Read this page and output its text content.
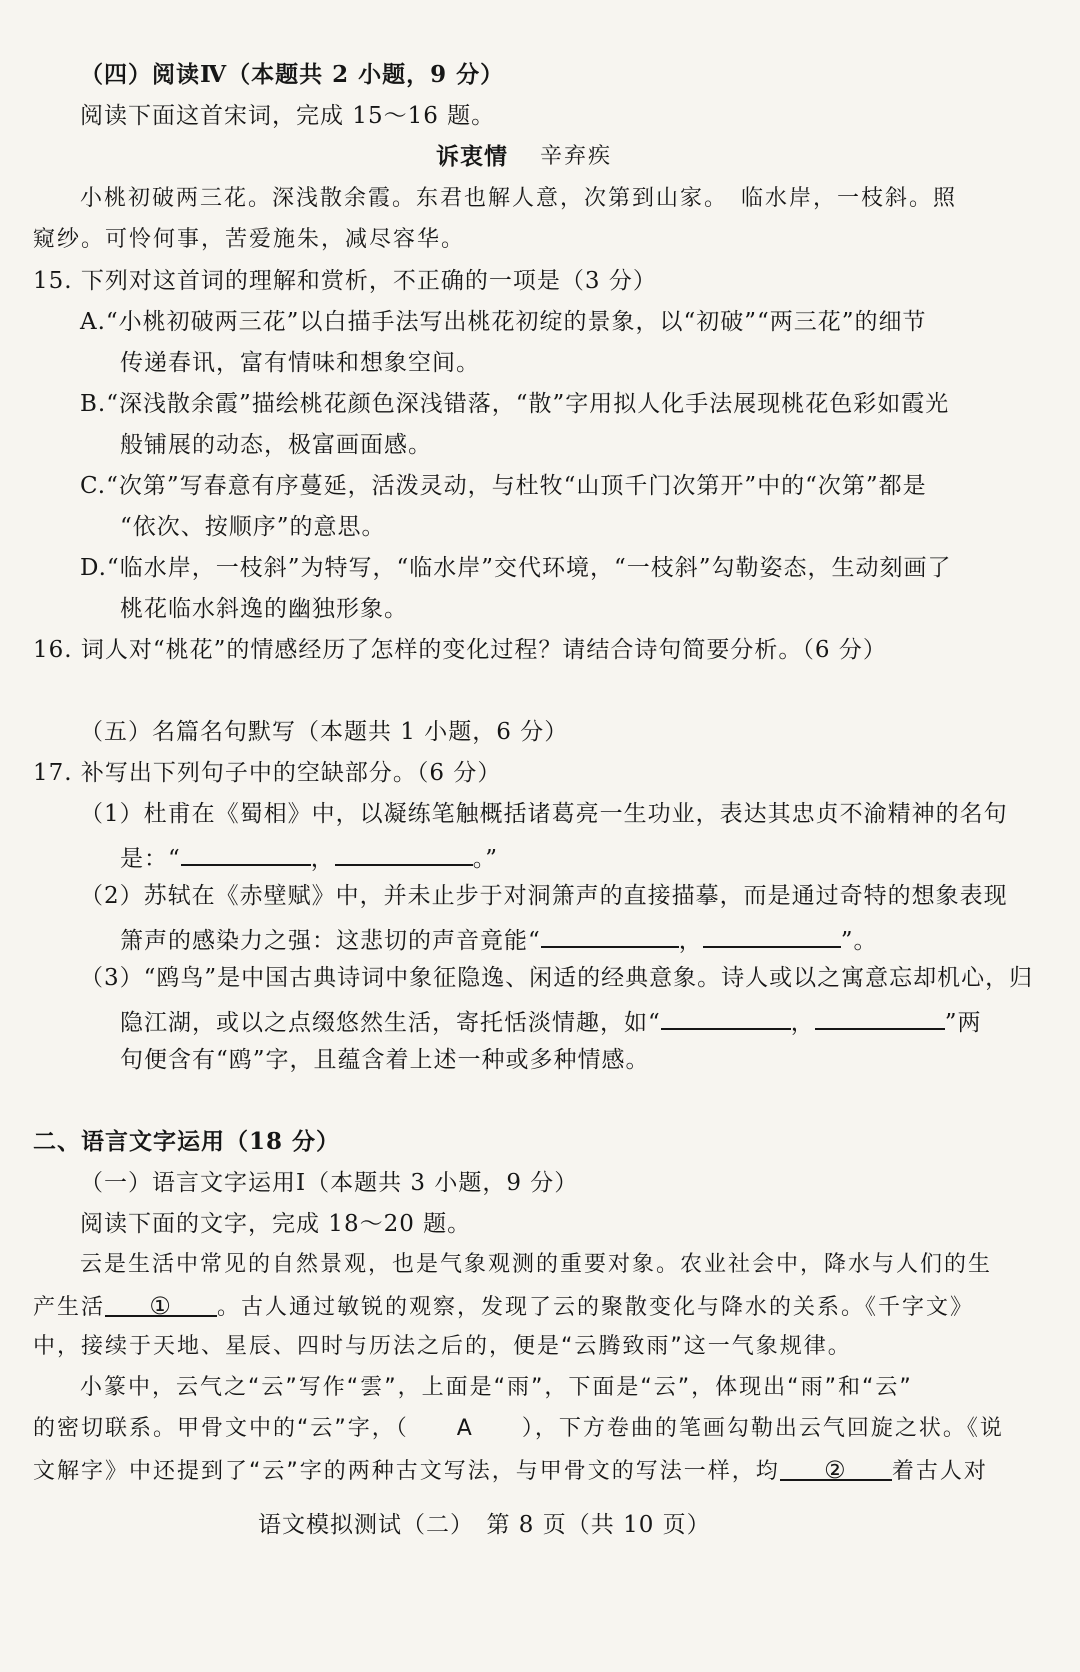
（四）阅读Ⅳ（本题共 2 小题，9 分）
阅读下面这首宋词，完成 15～16 题。
诉衷情 辛弃疾
小桃初破两三花。深浅散余霞。东君也解人意，次第到山家。　临水岸，一枝斜。照
窥纱。可怜何事，苦爱施朱，减尽容华。
15. 下列对这首词的理解和赏析，不正确的一项是（3 分）
A.“小桃初破两三花”以白描手法写出桃花初绽的景象，以“初破”“两三花”的细节
传递春讯，富有情味和想象空间。
B.“深浅散余霞”描绘桃花颜色深浅错落，“散”字用拟人化手法展现桃花色彩如霞光
般铺展的动态，极富画面感。
C.“次第”写春意有序蔓延，活泼灵动，与杜牧“山顶千门次第开”中的“次第”都是
“依次、按顺序”的意思。
D.“临水岸，一枝斜”为特写，“临水岸”交代环境，“一枝斜”勾勒姿态，生动刻画了
桃花临水斜逸的幽独形象。
16. 词人对“桃花”的情感经历了怎样的变化过程？请结合诗句简要分析。（6 分）
（五）名篇名句默写（本题共 1 小题，6 分）
17. 补写出下列句子中的空缺部分。（6 分）
（1）杜甫在《蜀相》中，以凝练笔触概括诸葛亮一生功业，表达其忠贞不渝精神的名句
是：“	，	。”
（2）苏轼在《赤壁赋》中，并未止步于对洞箫声的直接描摹，而是通过奇特的想象表现
箫声的感染力之强：这悲切的声音竟能“	，	”。
（3）“鸥鸟”是中国古典诗词中象征隐逸、闲适的经典意象。诗人或以之寓意忘却机心，归
隐江湖，或以之点缀悠然生活，寄托恬淡情趣，如“	，	”两
句便含有“鸥”字，且蕴含着上述一种或多种情感。
二、语言文字运用（18 分）
（一）语言文字运用Ⅰ（本题共 3 小题，9 分）
阅读下面的文字，完成 18～20 题。
云是生活中常见的自然景观，也是气象观测的重要对象。农业社会中，降水与人们的生
产生活 ① 。古人通过敏锐的观察，发现了云的聚散变化与降水的关系。《千字文》
中，接续于天地、星辰、四时与历法之后的，便是“云腾致雨”这一气象规律。
小篆中，云气之“云”写作“雲”，上面是“雨”，下面是“云”，体现出“雨”和“云”
的密切联系。甲骨文中的“云”字，（　　A　　），下方卷曲的笔画勾勒出云气回旋之状。《说
文解字》中还提到了“云”字的两种古文写法，与甲骨文的写法一样，均 ② 着古人对
语文模拟测试（二）　第 8 页（共 10 页）
